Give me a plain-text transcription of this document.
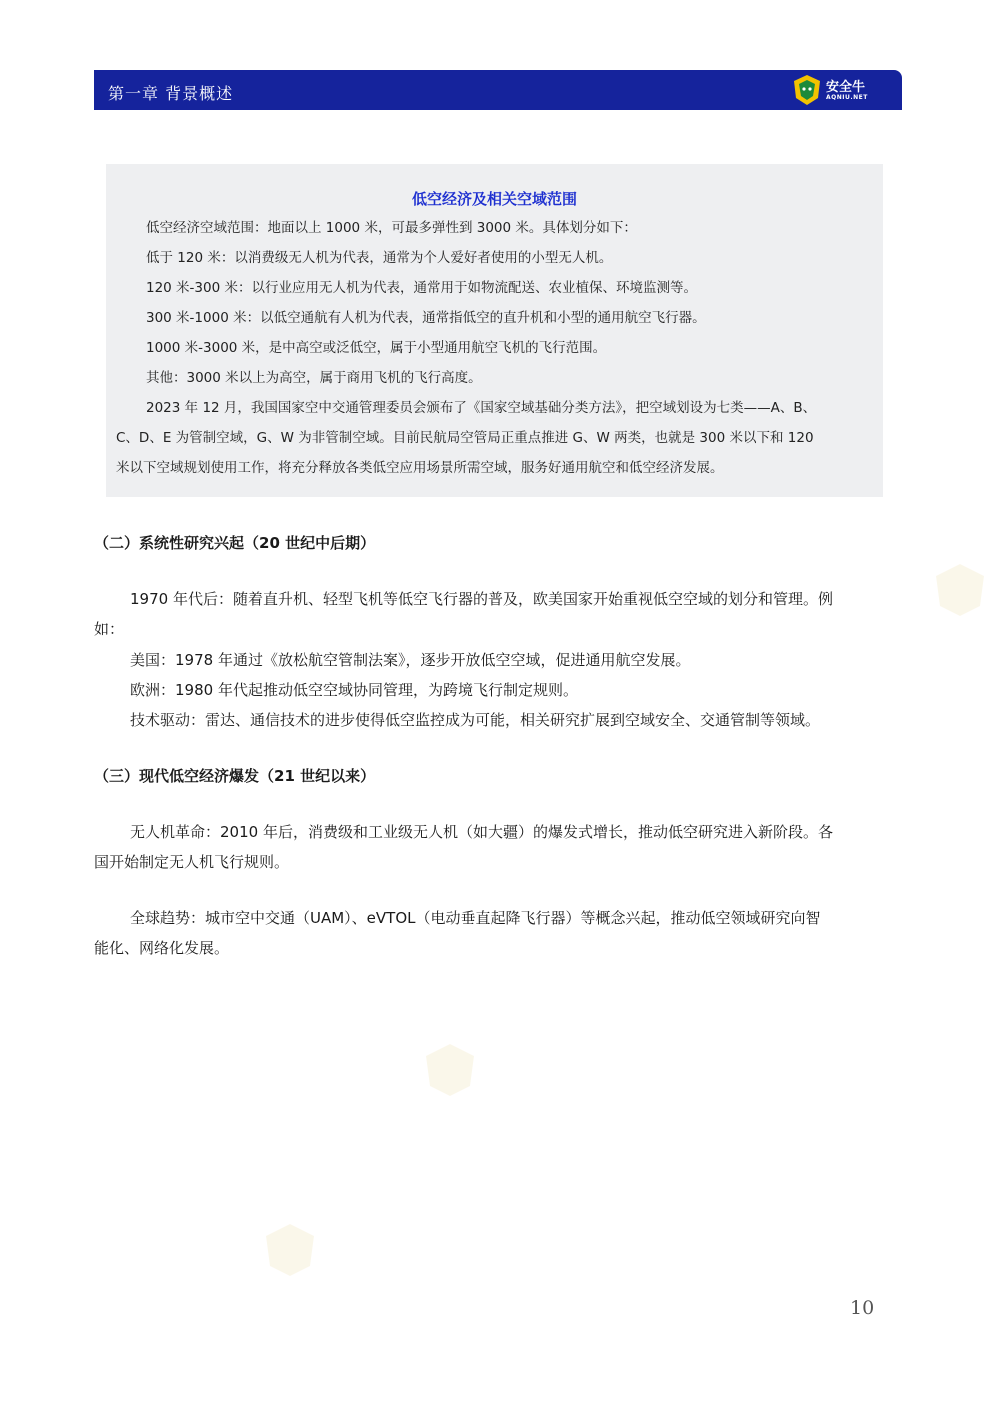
第一章 背景概述	安全牛
AQNIU.NET
低空经济及相关空域范围
低空经济空域范围：地面以上 1000 米，可最多弹性到 3000 米。具体划分如下：
低于 120 米：以消费级无人机为代表，通常为个人爱好者使用的小型无人机。
120 米-300 米：以行业应用无人机为代表，通常用于如物流配送、农业植保、环境监测等。
300 米-1000 米：以低空通航有人机为代表，通常指低空的直升机和小型的通用航空飞行器。
1000 米-3000 米，是中高空或泛低空，属于小型通用航空飞机的飞行范围。
其他：3000 米以上为高空，属于商用飞机的飞行高度。
2023 年 12 月，我国国家空中交通管理委员会颁布了《国家空域基础分类方法》，把空域划设为七类——A、B、
C、D、E 为管制空域，G、W 为非管制空域。目前民航局空管局正重点推进 G、W 两类，也就是 300 米以下和 120
米以下空域规划使用工作，将充分释放各类低空应用场景所需空域，服务好通用航空和低空经济发展。
（二）系统性研究兴起（20 世纪中后期）
1970 年代后：随着直升机、轻型飞机等低空飞行器的普及，欧美国家开始重视低空空域的划分和管理。例
如：
美国：1978 年通过《放松航空管制法案》，逐步开放低空空域，促进通用航空发展。
欧洲：1980 年代起推动低空空域协同管理，为跨境飞行制定规则。
技术驱动：雷达、通信技术的进步使得低空监控成为可能，相关研究扩展到空域安全、交通管制等领域。
（三）现代低空经济爆发（21 世纪以来）
无人机革命：2010 年后，消费级和工业级无人机（如大疆）的爆发式增长，推动低空研究进入新阶段。各
国开始制定无人机飞行规则。
全球趋势：城市空中交通（UAM）、eVTOL（电动垂直起降飞行器）等概念兴起，推动低空领域研究向智
能化、网络化发展。
10
